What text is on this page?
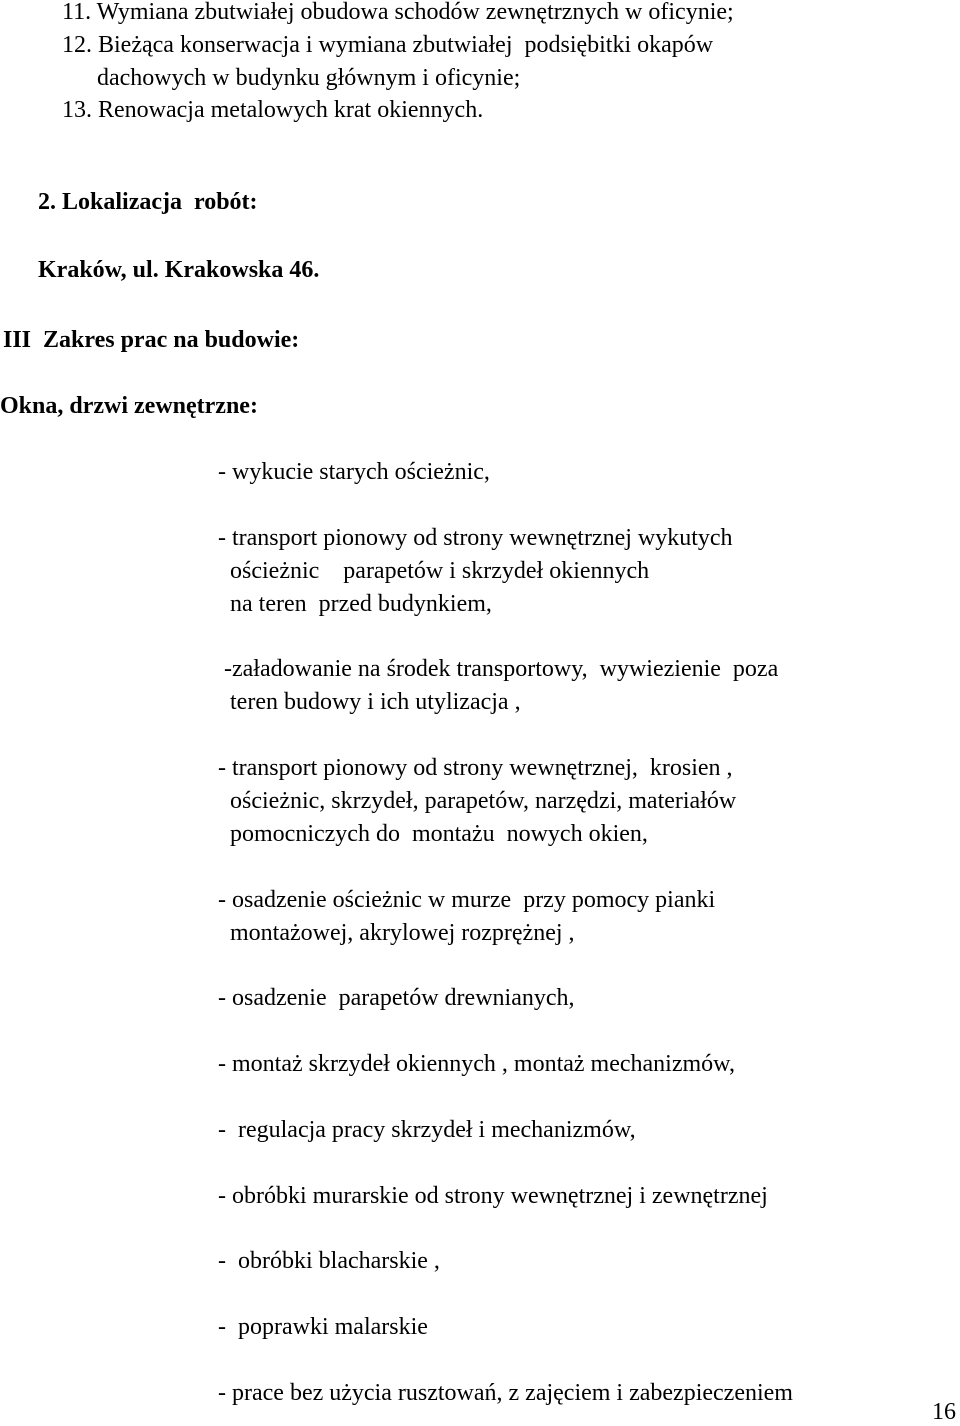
11. Wymiana zbutwiałej obudowa schodów zewnętrznych w oficynie;
12. Bieżąca konserwacja i wymiana zbutwiałej  podsiębitki okapów
dachowych w budynku głównym i oficynie;
13. Renowacja metalowych krat okiennych.
2. Lokalizacja  robót:
Kraków, ul. Krakowska 46.
III  Zakres prac na budowie:
Okna, drzwi zewnętrzne:
- wykucie starych ościeżnic,
- transport pionowy od strony wewnętrznej wykutych
ościeżnic    parapetów i skrzydeł okiennych
na teren  przed budynkiem,
-załadowanie na środek transportowy,  wywiezienie  poza
teren budowy i ich utylizacja ,
- transport pionowy od strony wewnętrznej,  krosien ,
ościeżnic, skrzydeł, parapetów, narzędzi, materiałów
pomocniczych do  montażu  nowych okien,
- osadzenie ościeżnic w murze  przy pomocy pianki
montażowej, akrylowej rozprężnej ,
- osadzenie  parapetów drewnianych,
- montaż skrzydeł okiennych , montaż mechanizmów,
-  regulacja pracy skrzydeł i mechanizmów,
- obróbki murarskie od strony wewnętrznej i zewnętrznej
-  obróbki blacharskie ,
-  poprawki malarskie
- prace bez użycia rusztowań, z zajęciem i zabezpieczeniem
16
